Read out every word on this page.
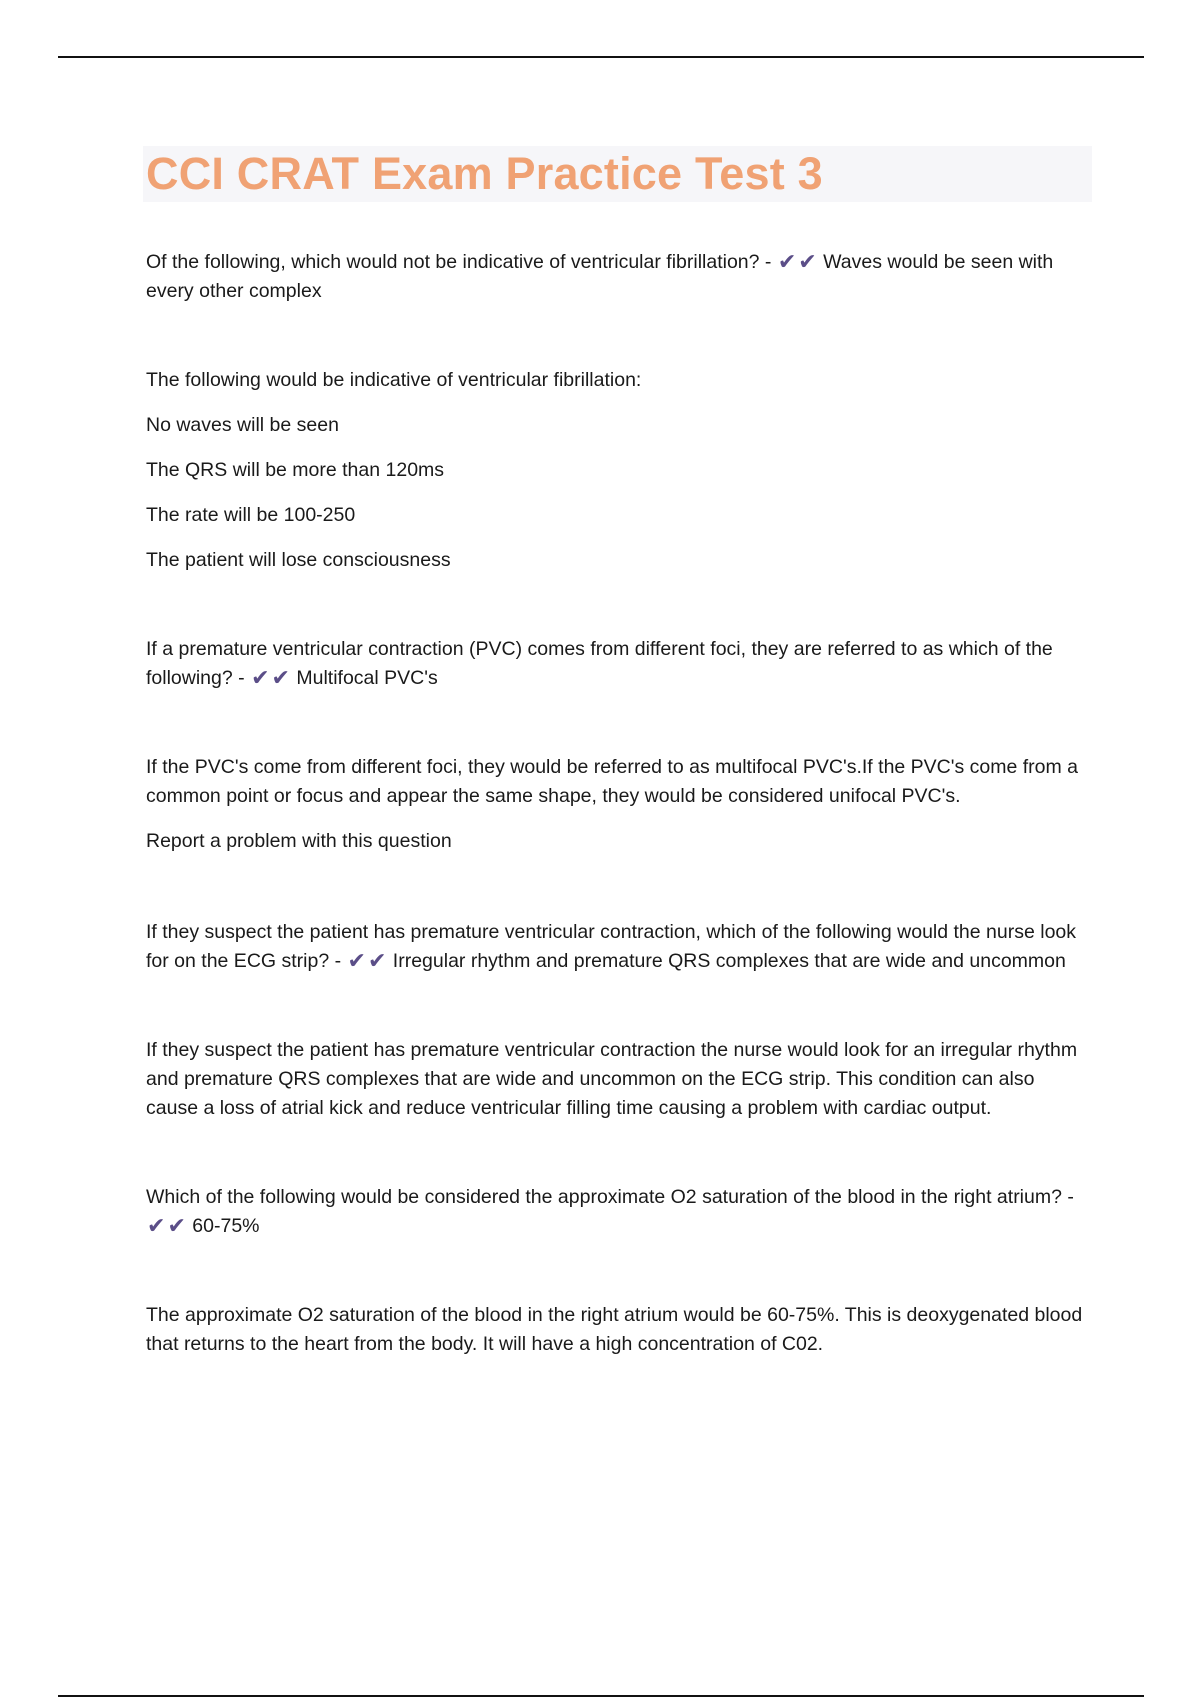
CCI CRAT Exam Practice Test 3

Of the following, which would not be indicative of ventricular fibrillation? - ✔✔ Waves would be seen with every other complex

The following would be indicative of ventricular fibrillation:

No waves will be seen

The QRS will be more than 120ms

The rate will be 100-250

The patient will lose consciousness

If a premature ventricular contraction (PVC) comes from different foci, they are referred to as which of the following? - ✔✔ Multifocal PVC's

If the PVC's come from different foci, they would be referred to as multifocal PVC's.If the PVC's come from a common point or focus and appear the same shape, they would be considered unifocal PVC's.

Report a problem with this question

If they suspect the patient has premature ventricular contraction, which of the following would the nurse look for on the ECG strip? - ✔✔ Irregular rhythm and premature QRS complexes that are wide and uncommon

If they suspect the patient has premature ventricular contraction the nurse would look for an irregular rhythm and premature QRS complexes that are wide and uncommon on the ECG strip. This condition can also cause a loss of atrial kick and reduce ventricular filling time causing a problem with cardiac output.

Which of the following would be considered the approximate O2 saturation of the blood in the right atrium? - ✔✔ 60-75%

The approximate O2 saturation of the blood in the right atrium would be 60-75%. This is deoxygenated blood that returns to the heart from the body. It will have a high concentration of C02.
